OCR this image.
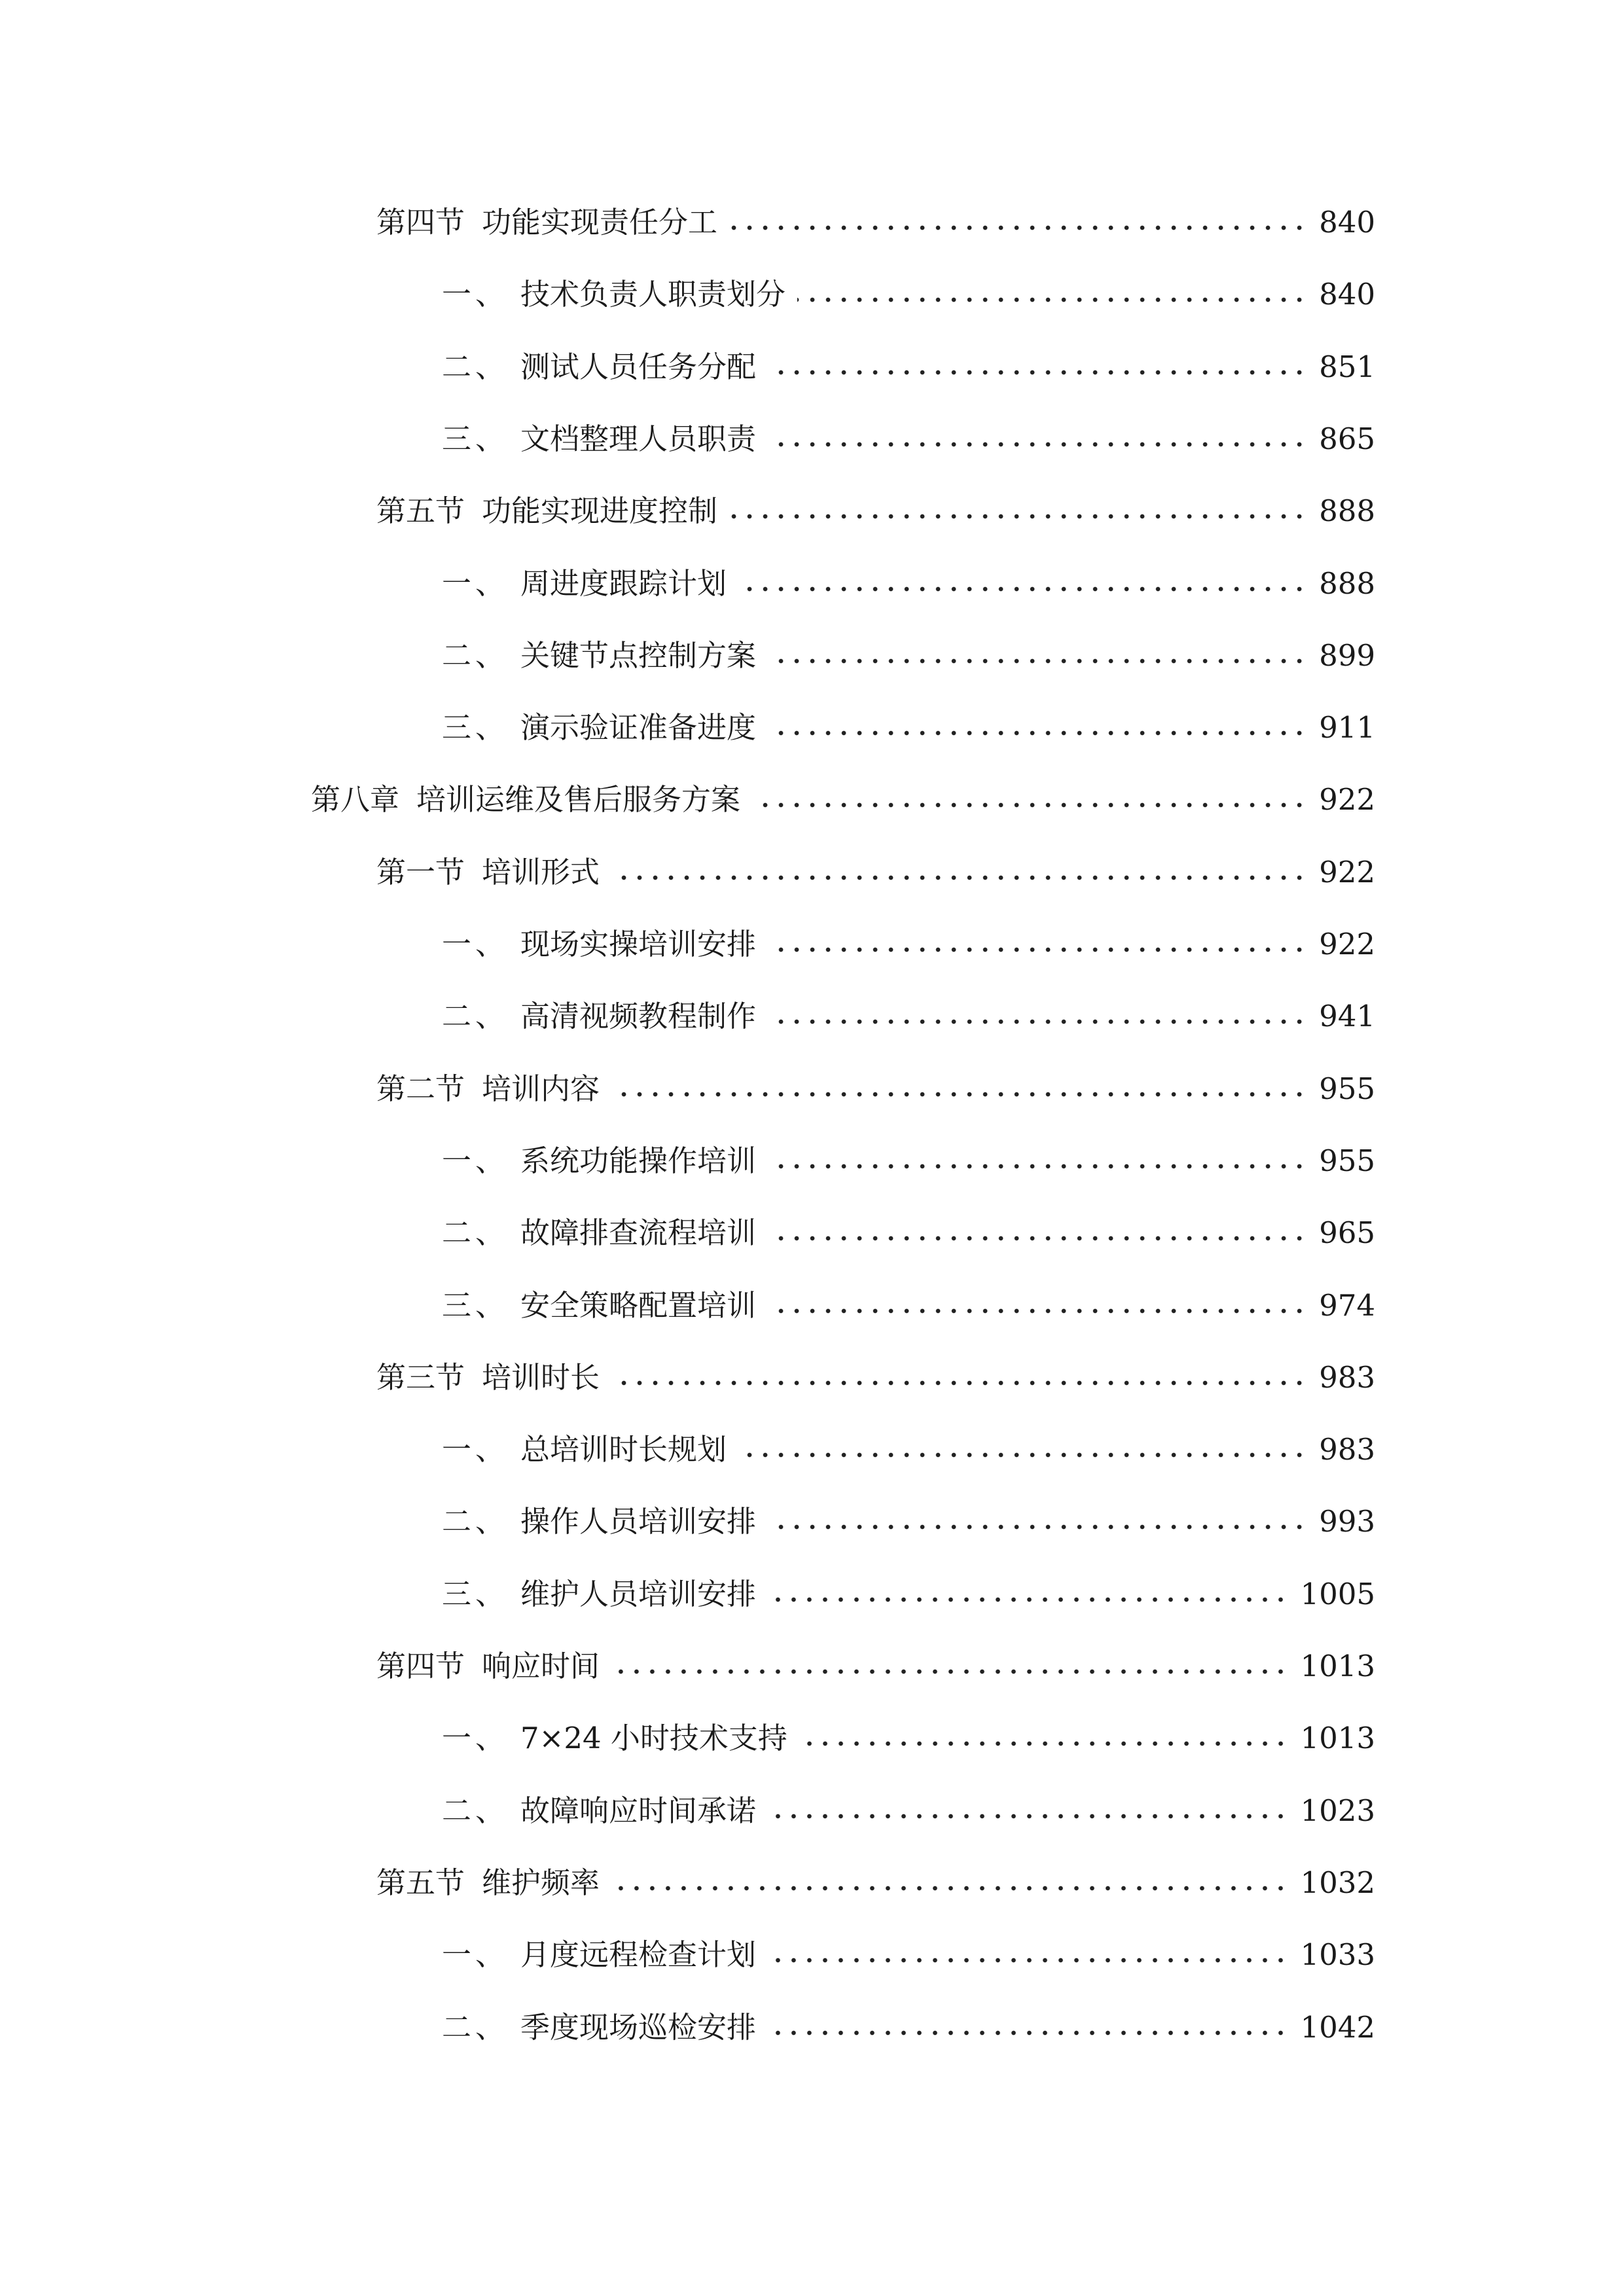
第四节 功能实现责任分工	840
一、 技术负责人职责划分	840
二、 测试人员任务分配	851
三、 文档整理人员职责	865
第五节 功能实现进度控制	888
一、 周进度跟踪计划	888
二、 关键节点控制方案	899
三、 演示验证准备进度	911
第八章 培训运维及售后服务方案	922
第一节 培训形式	922
一、 现场实操培训安排	922
二、 高清视频教程制作	941
第二节 培训内容	955
一、 系统功能操作培训	955
二、 故障排查流程培训	965
三、 安全策略配置培训	974
第三节 培训时长	983
一、 总培训时长规划	983
二、 操作人员培训安排	993
三、 维护人员培训安排	1005
第四节 响应时间	1013
一、 7×24 小时技术支持	1013
二、 故障响应时间承诺	1023
第五节 维护频率	1032
一、 月度远程检查计划	1033
二、 季度现场巡检安排	1042
